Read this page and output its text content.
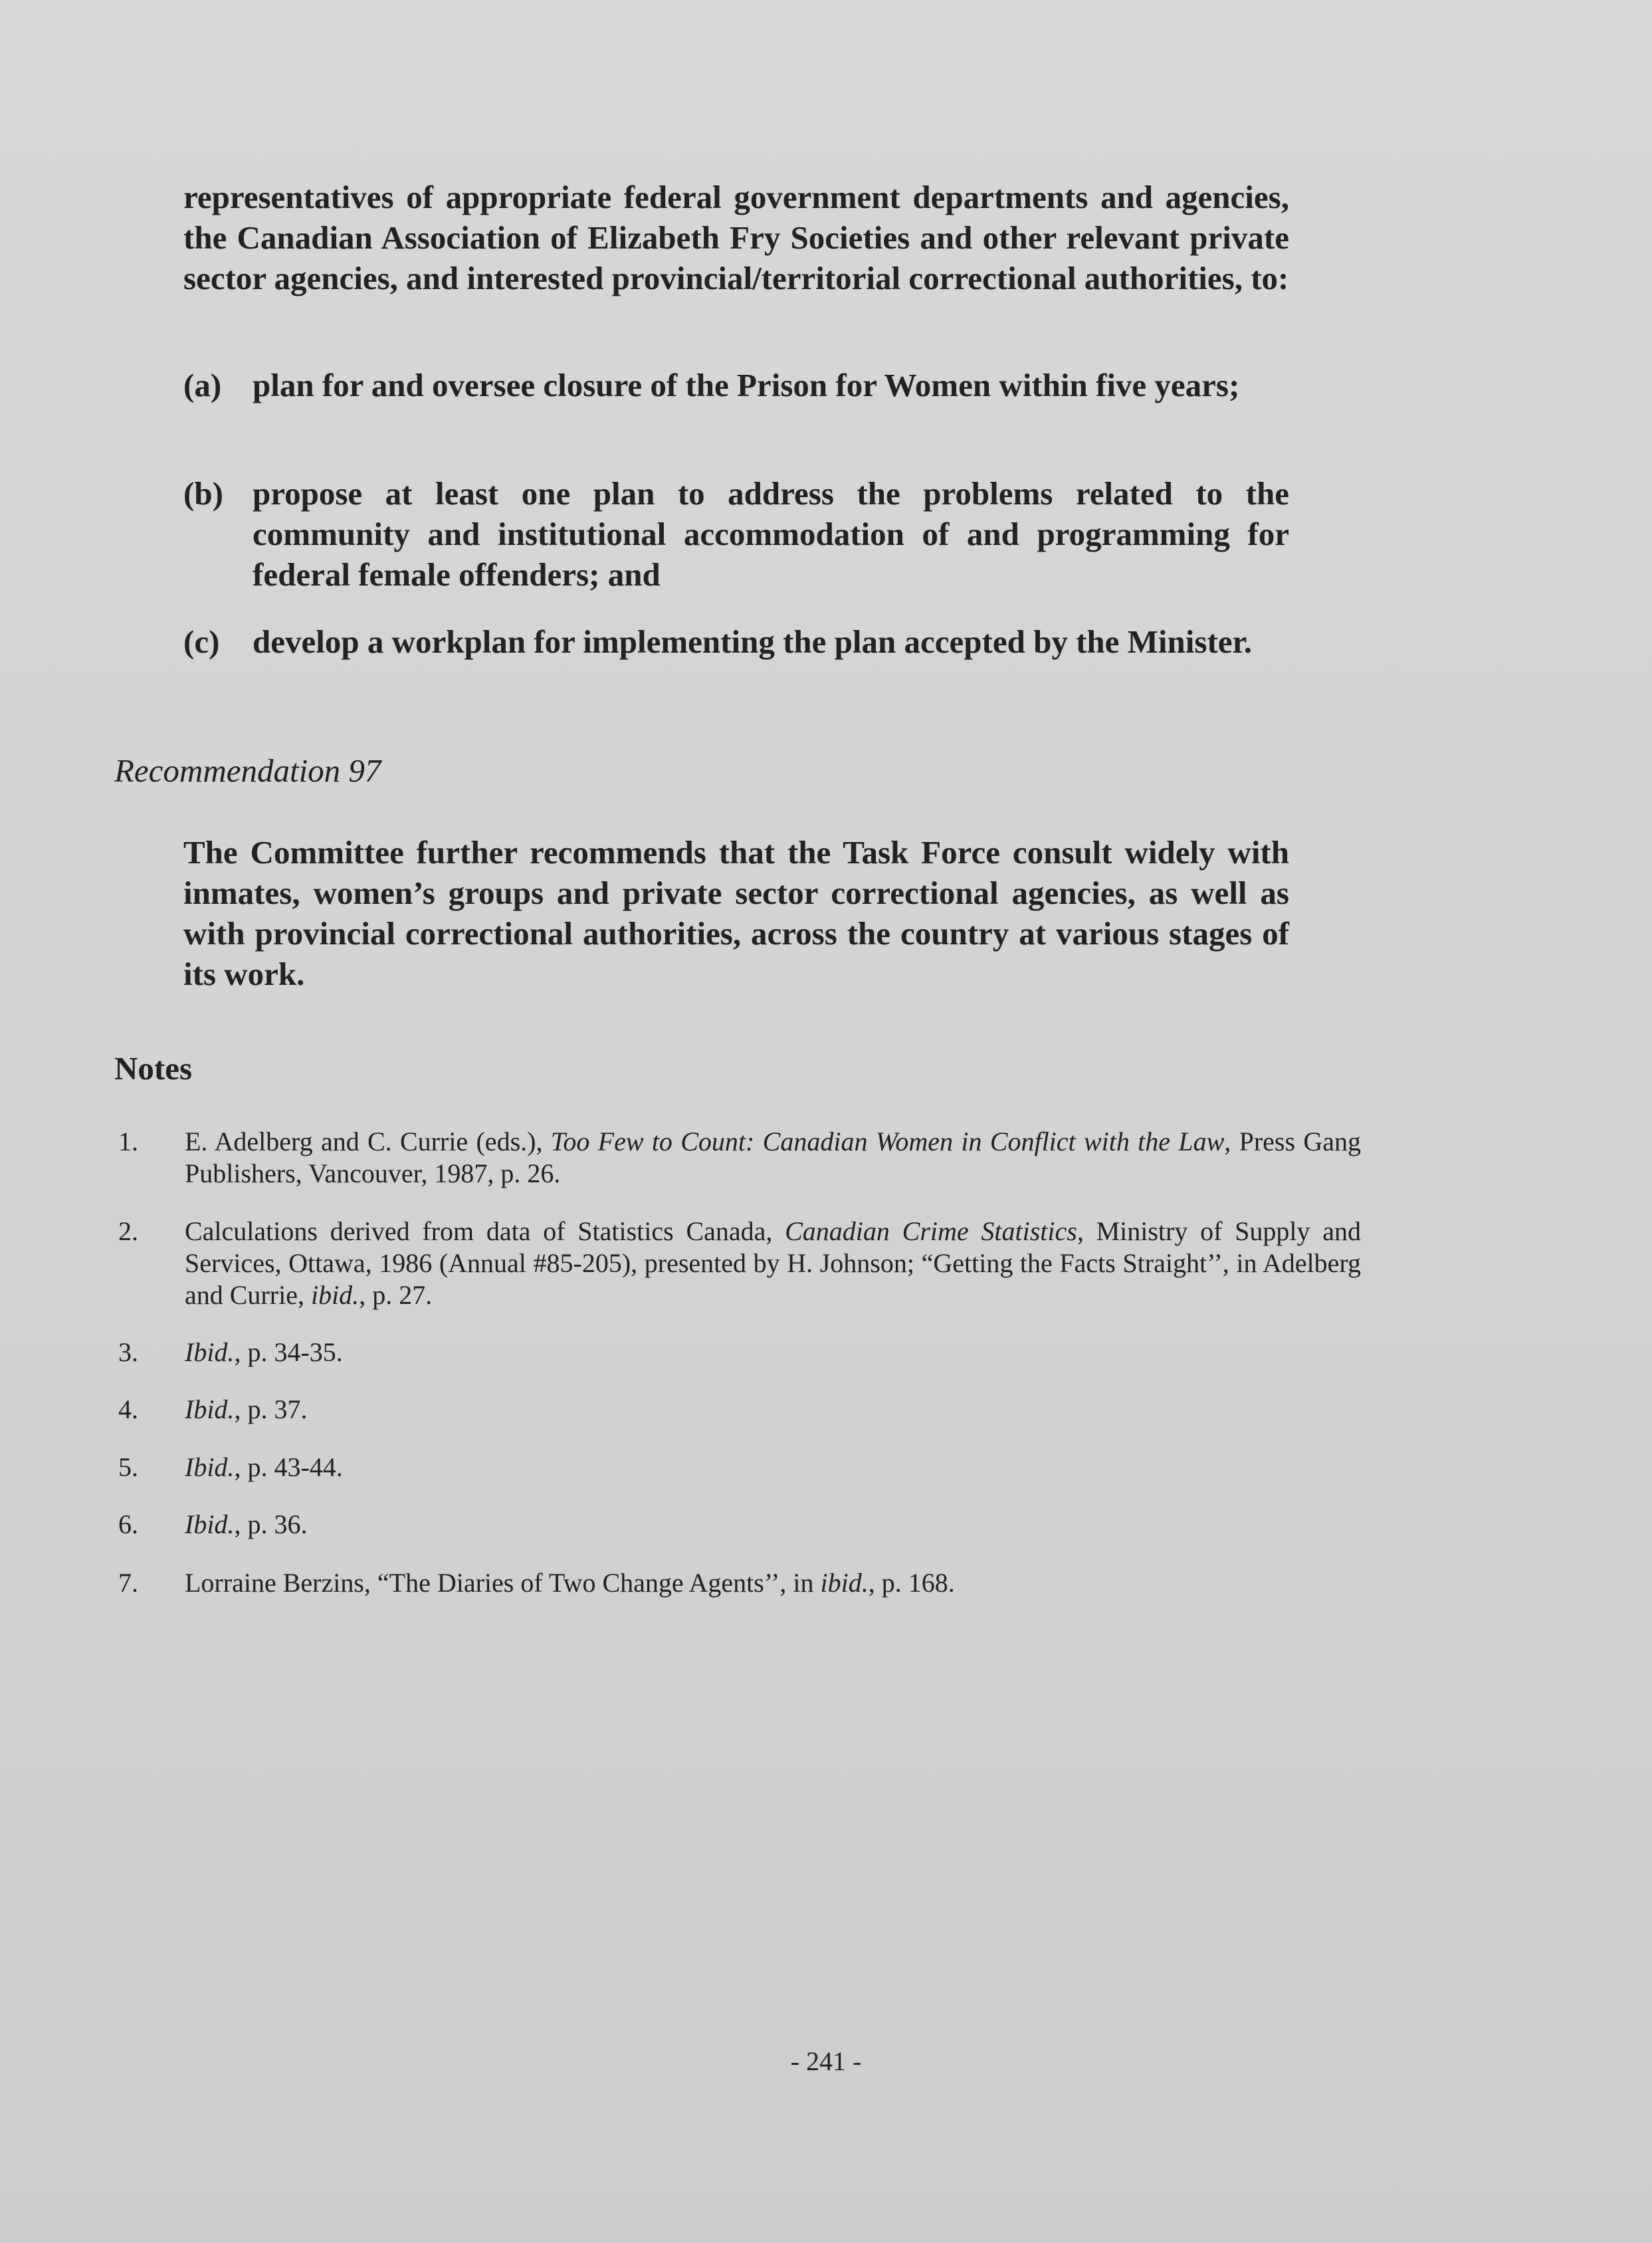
representatives of appropriate federal government departments and agencies, the Canadian Association of Elizabeth Fry Societies and other relevant private sector agencies, and interested provincial/territorial correctional authorities, to:

(a) plan for and oversee closure of the Prison for Women within five years;
(b) propose at least one plan to address the problems related to the community and institutional accommodation of and programming for federal female offenders; and
(c)	develop a workplan for implementing the plan accepted by the Minister.
Recommendation 97

The Committee further recommends that the Task Force consult widely with inmates, women’s groups and private sector correctional agencies, as well as with provincial correctional authorities, across the country at various stages of its work.

Notes
1.	E. Adelberg and C. Currie (eds.), Too Few to Count: Canadian Women in Conflict with the Law, Press Gang Publishers, Vancouver, 1987, p. 26.
2.	Calculations derived from data of Statistics Canada, Canadian Crime Statistics, Ministry of Supply and Services, Ottawa, 1986 (Annual #85-205), presented by H. Johnson; “Getting the Facts Straight’’, in Adelberg and Currie, ibid., p. 27.
3.	Ibid., p. 34-35.
4.	Ibid., p. 37.
5.	Ibid., p. 43-44.
6.	Ibid., p. 36.
7.	Lorraine Berzins, “The Diaries of Two Change Agents’’, in ibid., p. 168.
- 241 -
